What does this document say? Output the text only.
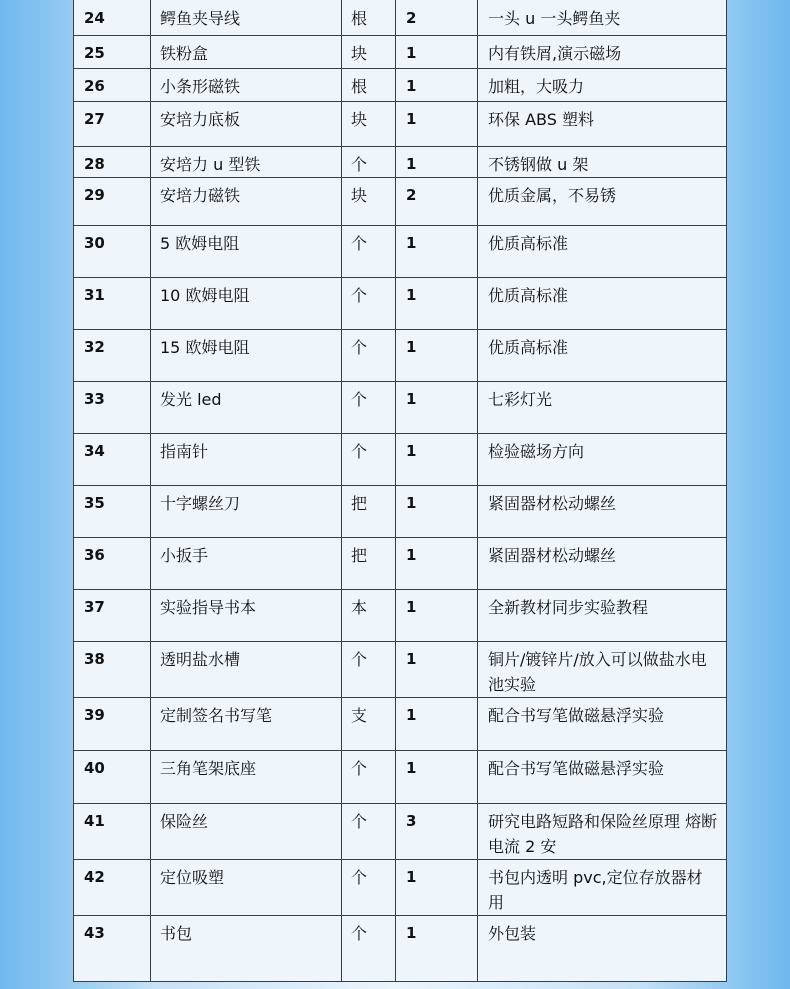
24	鳄鱼夹导线	根	2	一头 u 一头鳄鱼夹
25	铁粉盒	块	1	内有铁屑,演示磁场
26	小条形磁铁	根	1	加粗，大吸力
27	安培力底板	块	1	环保 ABS 塑料
28	安培力 u 型铁	个	1	不锈钢做 u 架
29	安培力磁铁	块	2	优质金属，不易锈
30	5 欧姆电阻	个	1	优质高标准
31	10 欧姆电阻	个	1	优质高标准
32	15 欧姆电阻	个	1	优质高标准
33	发光 led	个	1	七彩灯光
34	指南针	个	1	检验磁场方向
35	十字螺丝刀	把	1	紧固器材松动螺丝
36	小扳手	把	1	紧固器材松动螺丝
37	实验指导书本	本	1	全新教材同步实验教程
38	透明盐水槽	个	1	铜片/镀锌片/放入可以做盐水电池实验
39	定制签名书写笔	支	1	配合书写笔做磁悬浮实验
40	三角笔架底座	个	1	配合书写笔做磁悬浮实验
41	保险丝	个	3	研究电路短路和保险丝原理 熔断电流 2 安
42	定位吸塑	个	1	书包内透明 pvc,定位存放器材用
43	书包	个	1	外包装
